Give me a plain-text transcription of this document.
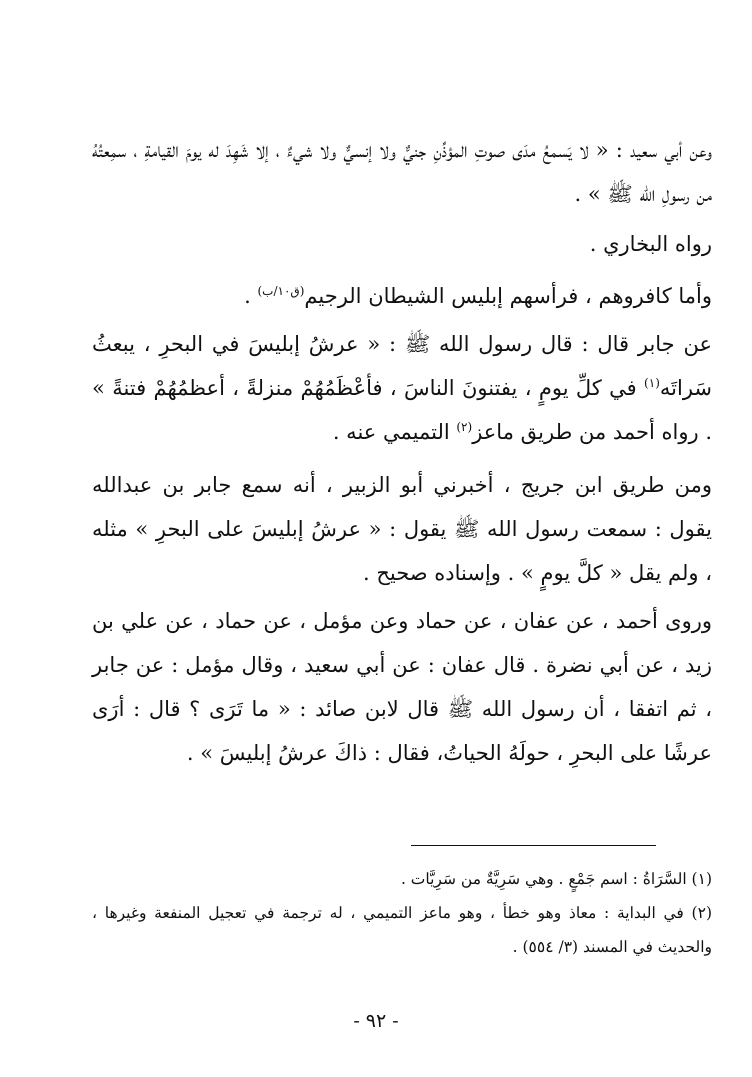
وعن أبي سعيد : « لا يَسمعُ مدَى صوتِ المؤذِّنِ جنيٌّ ولا إنسيٌّ ولا شيءٌ ، إلا شَهِدَ له يومَ القيامةِ ، سمِعتُهُ من رسولِ الله ﷺ » .
رواه البخاري .
وأما كافروهم ، فرأسهم إبليس الشيطان الرجيم$^{(ق١٠/ب)}$ .
عن جابر قال : قال رسول الله ﷺ : « عرشُ إبليسَ في البحرِ ، يبعثُ سَراتَه$^{(١)}$ في كلِّ يومٍ ، يفتنونَ الناسَ ، فأعْظَمُهُمْ منزلةً ، أعظمُهُمْ فتنةً » . رواه أحمد من طريق ماعز$^{(٢)}$ التميمي عنه .
ومن طريق ابن جريج ، أخبرني أبو الزبير ، أنه سمع جابر بن عبدالله يقول : سمعت رسول الله ﷺ يقول : « عرشُ إبليسَ على البحرِ » مثله ، ولم يقل « كلَّ يومٍ » . وإسناده صحيح .
وروى أحمد ، عن عفان ، عن حماد وعن مؤمل ، عن حماد ، عن علي بن زيد ، عن أبي نضرة . قال عفان : عن أبي سعيد ، وقال مؤمل : عن جابر ، ثم اتفقا ، أن رسول الله ﷺ قال لابن صائد : « ما تَرَى ؟ قال : أرَى عرشًا على البحرِ ، حولَهُ الحياتُ، فقال : ذاكَ عرشُ إبليسَ » .

(١) السَّرَاةُ : اسم جَمْعٍ . وهي سَرِيَّةٌ من سَرِيَّات .

(٢) في البداية : معاذ وهو خطأ ، وهو ماعز التميمي ، له ترجمة في تعجيل المنفعة وغيرها ، والحديث في المسند (٣/ ٥٥٤) .

- ٩٢ -
